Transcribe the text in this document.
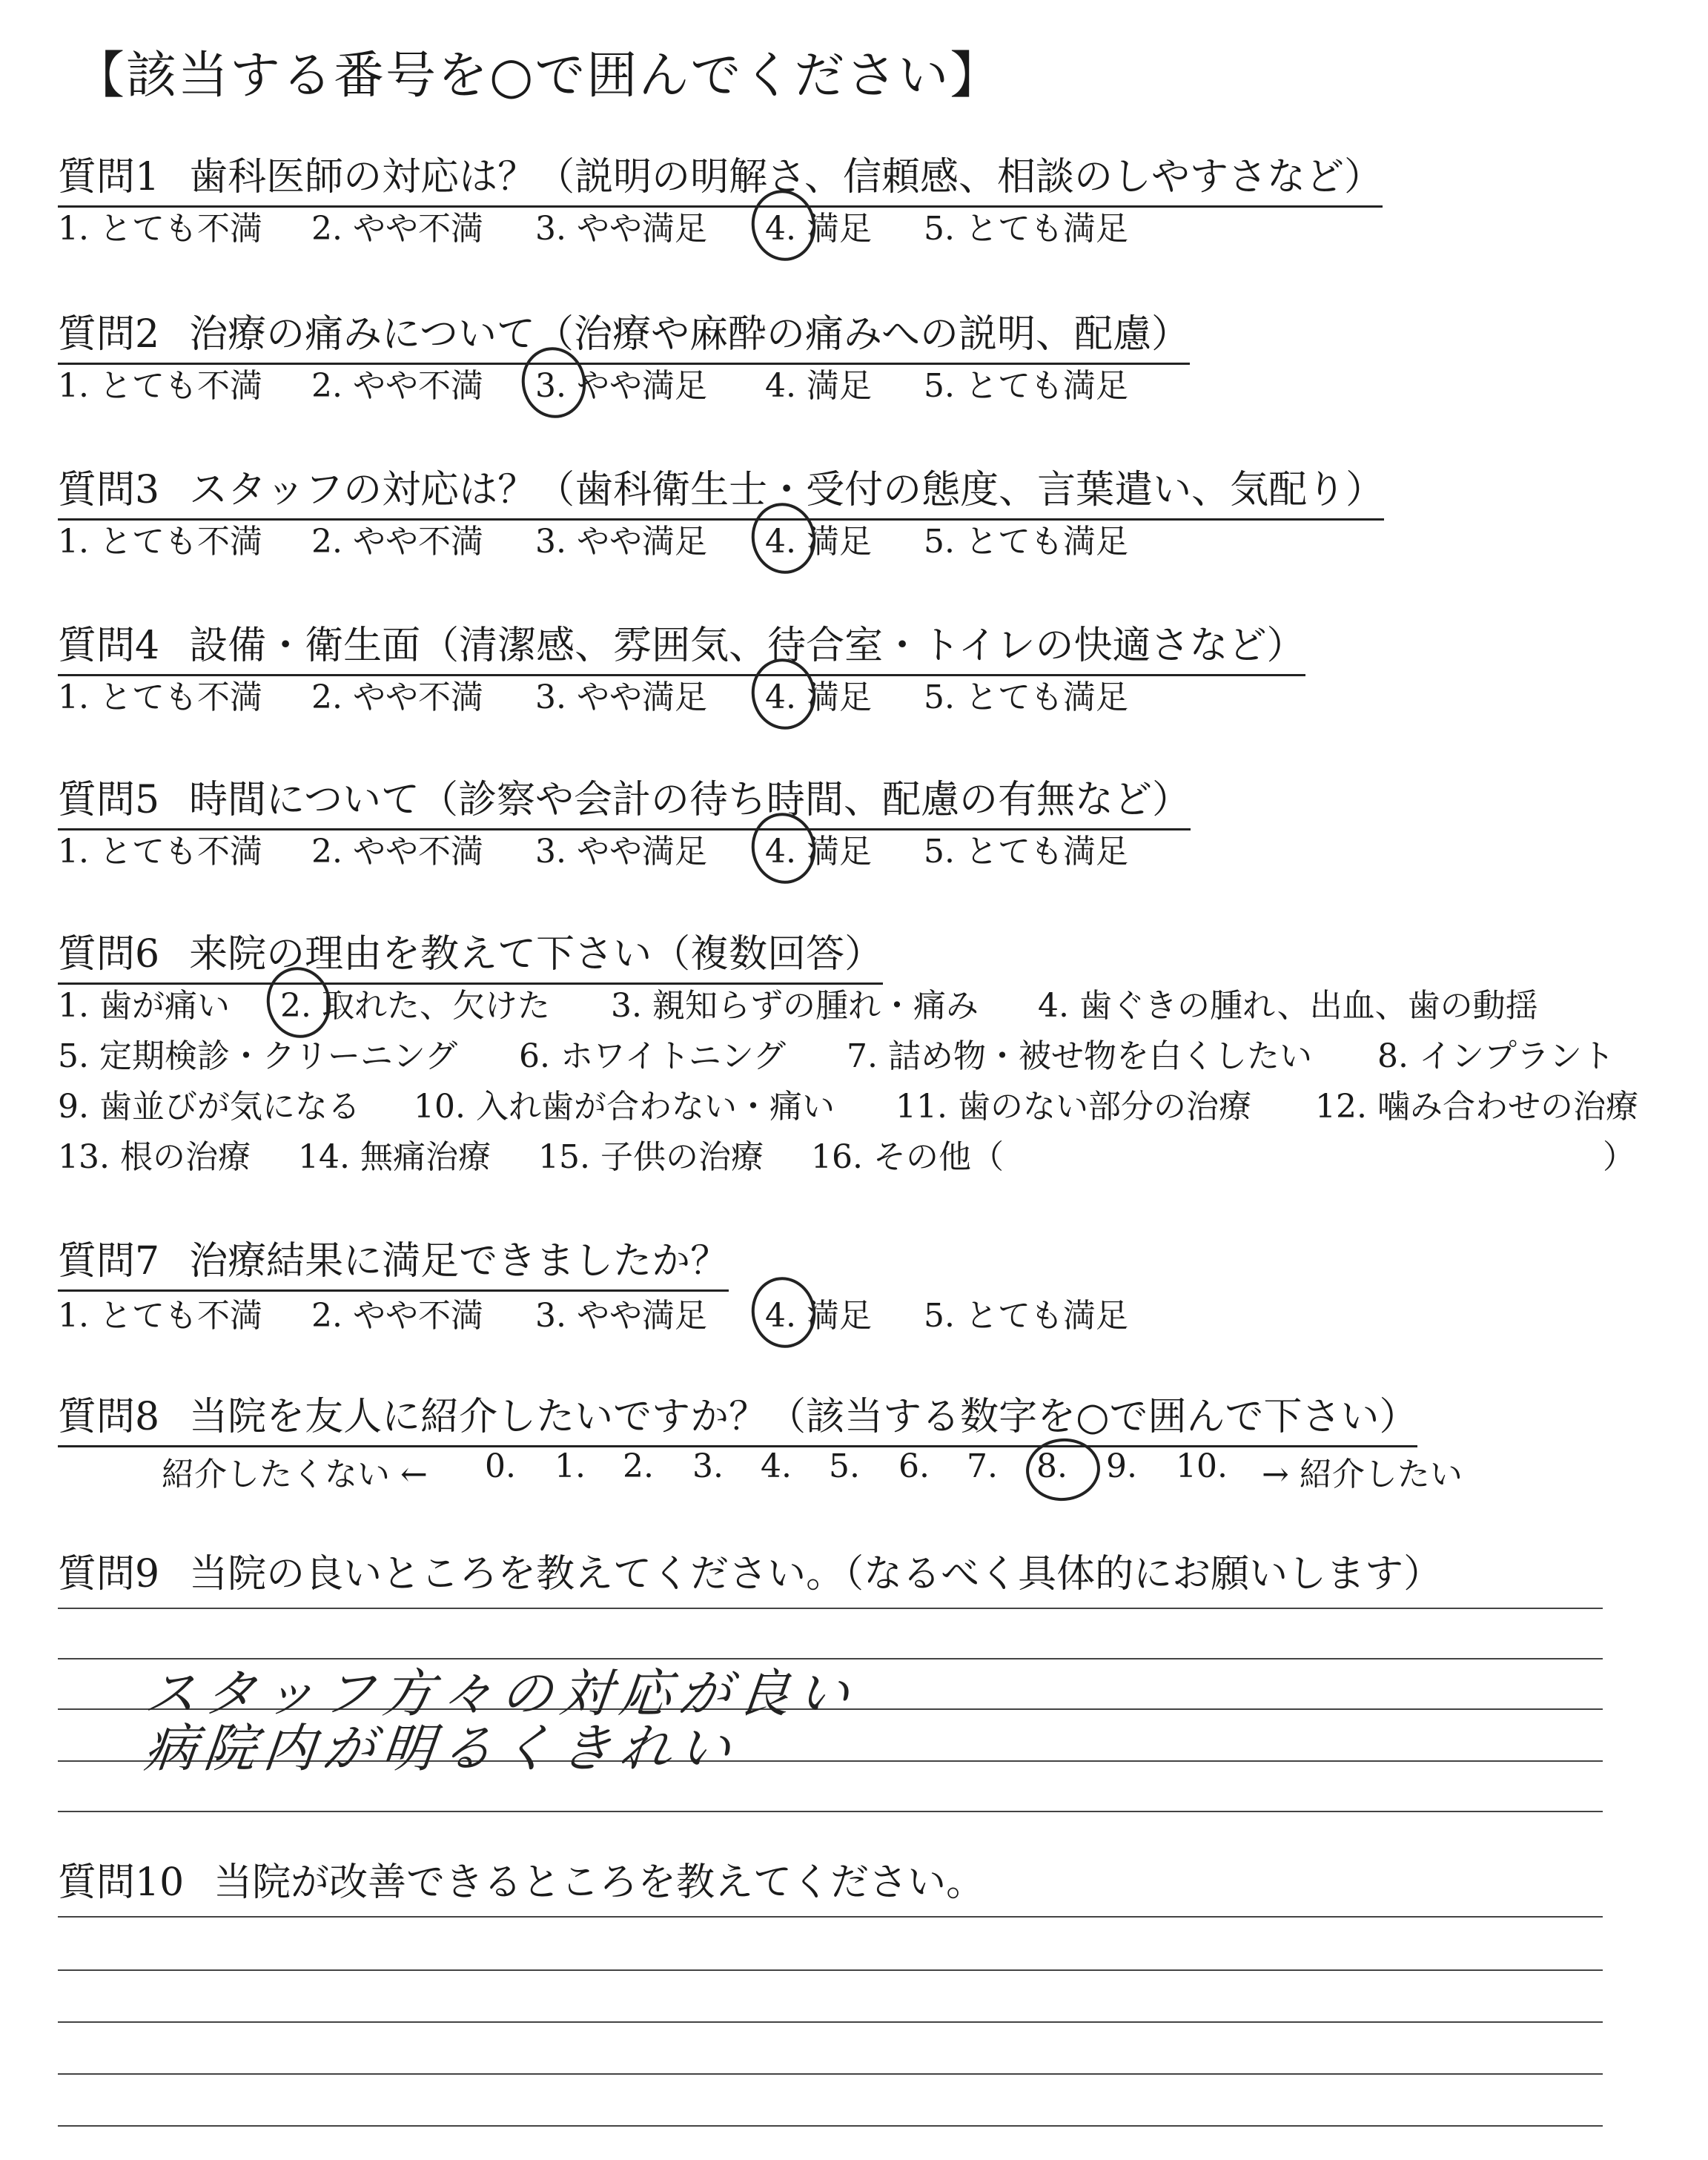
【該当する番号を○で囲んでください】
質問1 歯科医師の対応は？（説明の明解さ、信頼感、相談のしやすさなど）
1. とても不満 2. やや不満 3. やや満足 4. 満足 5. とても満足
質問2 治療の痛みについて（治療や麻酔の痛みへの説明、配慮）
1. とても不満 2. やや不満 3. やや満足 4. 満足 5. とても満足
質問3 スタッフの対応は？（歯科衛生士・受付の態度、言葉遣い、気配り）
1. とても不満 2. やや不満 3. やや満足 4. 満足 5. とても満足
質問4 設備・衛生面（清潔感、雰囲気、待合室・トイレの快適さなど）
1. とても不満 2. やや不満 3. やや満足 4. 満足 5. とても満足
質問5 時間について（診察や会計の待ち時間、配慮の有無など）
1. とても不満 2. やや不満 3. やや満足 4. 満足 5. とても満足
質問6 来院の理由を教えて下さい（複数回答）
1. 歯が痛い 2. 取れた、欠けた 3. 親知らずの腫れ・痛み 4. 歯ぐきの腫れ、出血、歯の動揺
5. 定期検診・クリーニング 6. ホワイトニング 7. 詰め物・被せ物を白くしたい 8. インプラント
9. 歯並びが気になる 10. 入れ歯が合わない・痛い 11. 歯のない部分の治療 12. 噛み合わせの治療
13. 根の治療 14. 無痛治療 15. 子供の治療 16. その他（	）
質問7 治療結果に満足できましたか？
1. とても不満 2. やや不満 3. やや満足 4. 満足 5. とても満足
質問8 当院を友人に紹介したいですか？（該当する数字を○で囲んで下さい）
紹介したくない ← 0. 1. 2. 3. 4. 5. 6. 7. 8. 9. 10. → 紹介したい
質問9 当院の良いところを教えてください。（なるべく具体的にお願いします）
スタッフ方々の対応が良い
病院内が明るくきれい
質問10 当院が改善できるところを教えてください。
